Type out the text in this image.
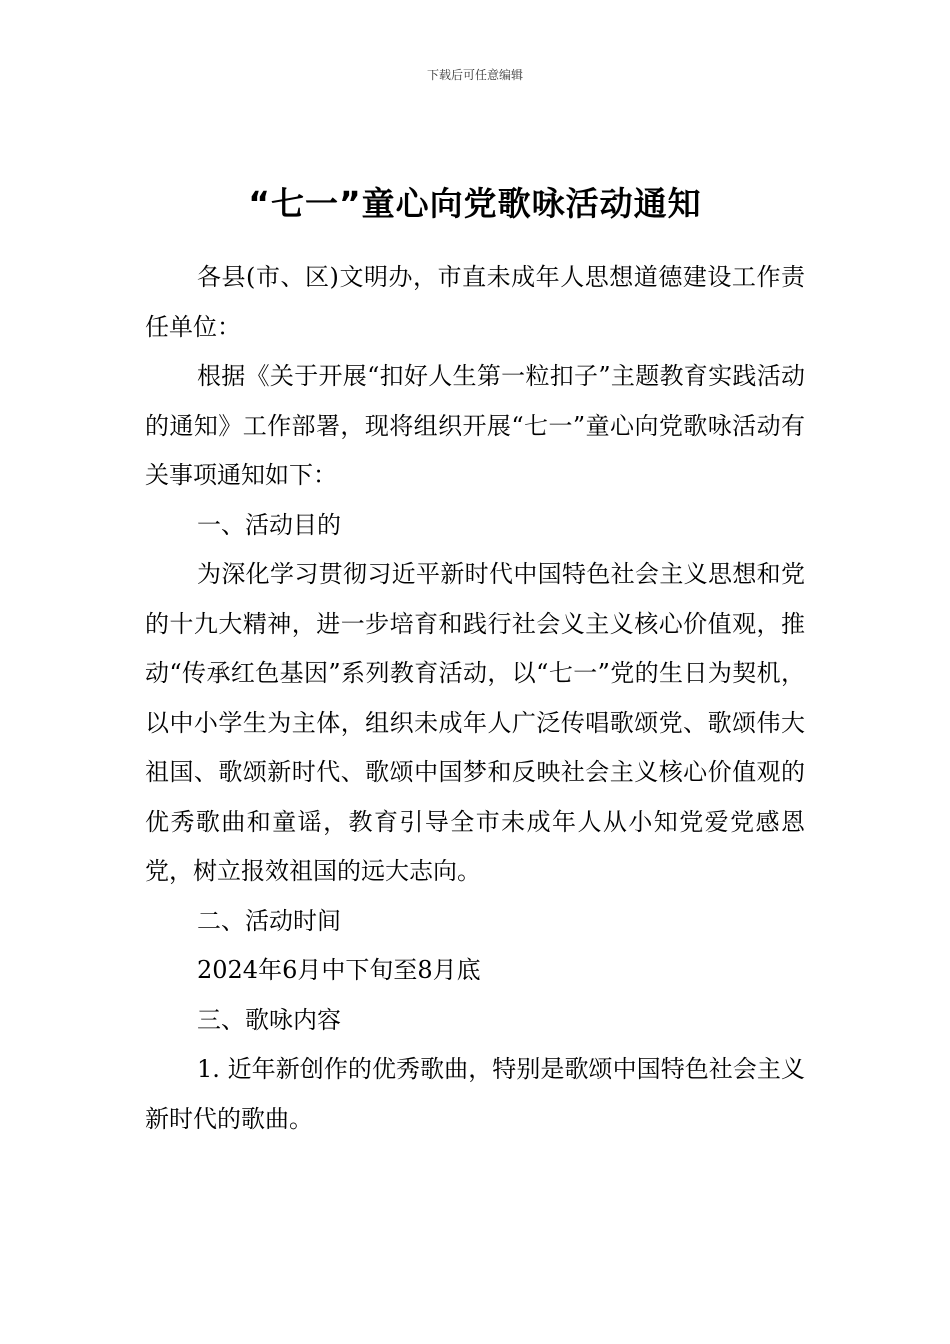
下载后可任意编辑
“七一”童心向党歌咏活动通知

各县(市、区)文明办，市直未成年人思想道德建设工作责任单位：

根据《关于开展“扣好人生第一粒扣子”主题教育实践活动的通知》工作部署，现将组织开展“七一”童心向党歌咏活动有关事项通知如下：

一、活动目的

为深化学习贯彻习近平新时代中国特色社会主义思想和党的十九大精神，进一步培育和践行社会义主义核心价值观，推动“传承红色基因”系列教育活动，以“七一”党的生日为契机，以中小学生为主体，组织未成年人广泛传唱歌颂党、歌颂伟大祖国、歌颂新时代、歌颂中国梦和反映社会主义核心价值观的优秀歌曲和童谣，教育引导全市未成年人从小知党爱党感恩党，树立报效祖国的远大志向。

二、活动时间

2024年6月中下旬至8月底

三、歌咏内容

1. 近年新创作的优秀歌曲，特别是歌颂中国特色社会主义新时代的歌曲。
